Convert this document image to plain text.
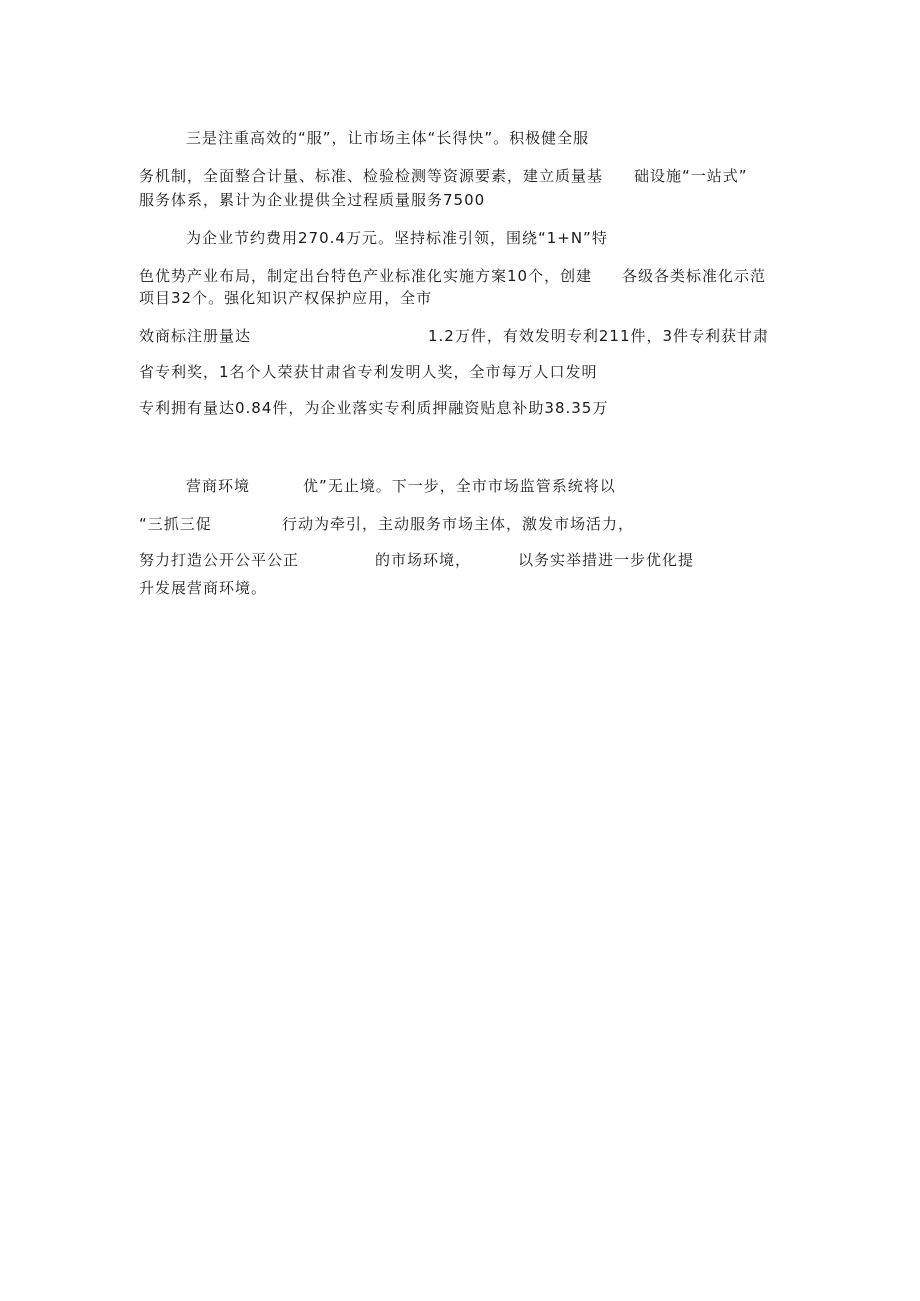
三是注重高效的“服”，让市场主体“长得快”。积极健全服
务机制，全面整合计量、标准、检验检测等资源要素，建立质量基 础设施“一站式”
服务体系，累计为企业提供全过程质量服务7500
为企业节约费用270.4万元。坚持标准引领，围绕“1+N”特
色优势产业布局，制定出台特色产业标准化实施方案10个，创建 各级各类标准化示范
项目32个。强化知识产权保护应用，全市
效商标注册量达	1.2万件，有效发明专利211件，3件专利获甘肃
省专利奖，1名个人荣获甘肃省专利发明人奖，全市每万人口发明
专利拥有量达0.84件，为企业落实专利质押融资贴息补助38.35万
营商环境	优”无止境。下一步，全市市场监管系统将以
“三抓三促	行动为牵引，主动服务市场主体，激发市场活力，
努力打造公开公平公正	的市场环境，	以务实举措进一步优化提
升发展营商环境。
